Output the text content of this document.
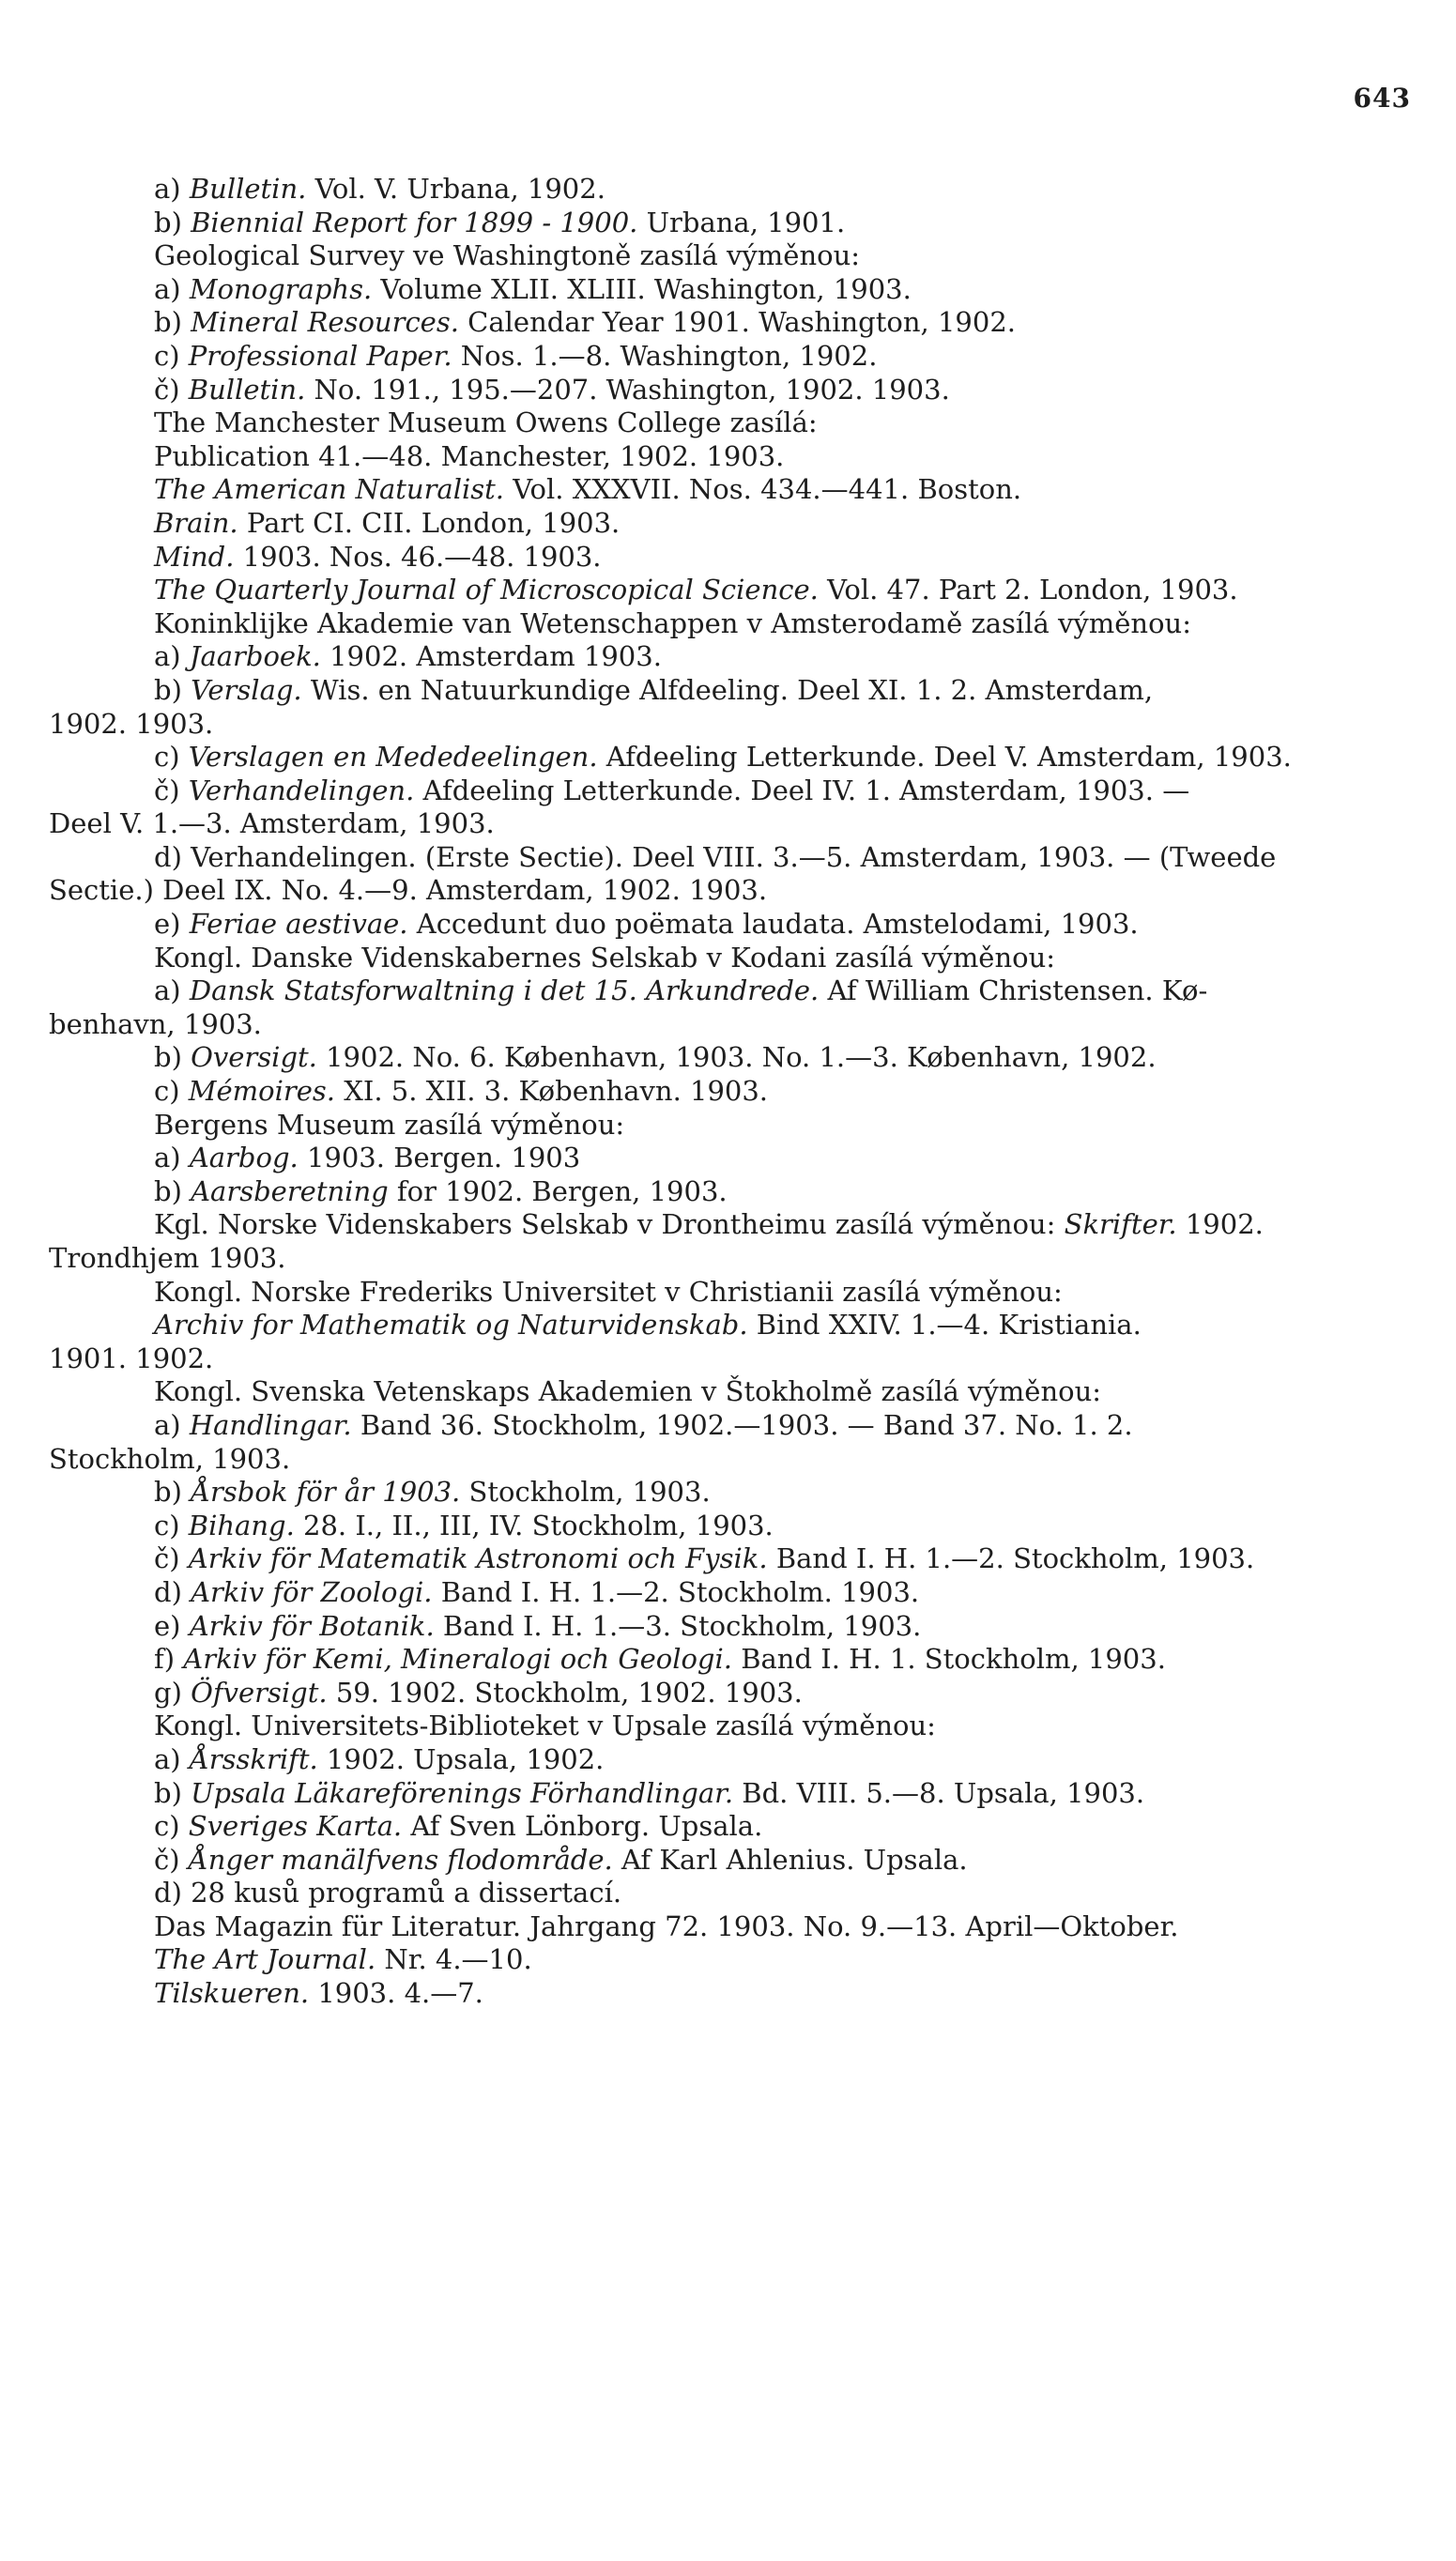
643
a) Bulletin. Vol. V. Urbana, 1902.
b) Biennial Report for 1899 - 1900. Urbana, 1901.
Geological Survey ve Washingtoně zasílá výměnou:
a) Monographs. Volume XLII. XLIII. Washington, 1903.
b) Mineral Resources. Calendar Year 1901. Washington, 1902.
c) Professional Paper. Nos. 1.—8. Washington, 1902.
č) Bulletin. No. 191., 195.—207. Washington, 1902. 1903.
The Manchester Museum Owens College zasílá:
Publication 41.—48. Manchester, 1902. 1903.
The American Naturalist. Vol. XXXVII. Nos. 434.—441. Boston.
Brain. Part CI. CII. London, 1903.
Mind. 1903. Nos. 46.—48. 1903.
The Quarterly Journal of Microscopical Science. Vol. 47. Part 2. London, 1903.
Koninklijke Akademie van Wetenschappen v Amsterodamě zasílá výměnou:
a) Jaarboek. 1902. Amsterdam 1903.
b) Verslag. Wis. en Natuurkundige Alfdeeling. Deel XI. 1. 2. Amsterdam,
1902. 1903.
c) Verslagen en Mededeelingen. Afdeeling Letterkunde. Deel V. Amsterdam, 1903.
č) Verhandelingen. Afdeeling Letterkunde. Deel IV. 1. Amsterdam, 1903. —
Deel V. 1.—3. Amsterdam, 1903.
d) Verhandelingen. (Erste Sectie). Deel VIII. 3.—5. Amsterdam, 1903. — (Tweede
Sectie.) Deel IX. No. 4.—9. Amsterdam, 1902. 1903.
e) Feriae aestivae. Accedunt duo poëmata laudata. Amstelodami, 1903.
Kongl. Danske Videnskabernes Selskab v Kodani zasílá výměnou:
a) Dansk Statsforwaltning i det 15. Arkundrede. Af William Christensen. Kø-
benhavn, 1903.
b) Oversigt. 1902. No. 6. København, 1903. No. 1.—3. København, 1902.
c) Mémoires. XI. 5. XII. 3. København. 1903.
Bergens Museum zasílá výměnou:
a) Aarbog. 1903. Bergen. 1903
b) Aarsberetning for 1902. Bergen, 1903.
Kgl. Norske Videnskabers Selskab v Drontheimu zasílá výměnou: Skrifter. 1902.
Trondhjem 1903.
Kongl. Norske Frederiks Universitet v Christianii zasílá výměnou:
Archiv for Mathematik og Naturvidenskab. Bind XXIV. 1.—4. Kristiania.
1901. 1902.
Kongl. Svenska Vetenskaps Akademien v Štokholmě zasílá výměnou:
a) Handlingar. Band 36. Stockholm, 1902.—1903. — Band 37. No. 1. 2.
Stockholm, 1903.
b) Årsbok för år 1903. Stockholm, 1903.
c) Bihang. 28. I., II., III, IV. Stockholm, 1903.
č) Arkiv för Matematik Astronomi och Fysik. Band I. H. 1.—2. Stockholm, 1903.
d) Arkiv för Zoologi. Band I. H. 1.—2. Stockholm. 1903.
e) Arkiv för Botanik. Band I. H. 1.—3. Stockholm, 1903.
f) Arkiv för Kemi, Mineralogi och Geologi. Band I. H. 1. Stockholm, 1903.
g) Öfversigt. 59. 1902. Stockholm, 1902. 1903.
Kongl. Universitets-Biblioteket v Upsale zasílá výměnou:
a) Årsskrift. 1902. Upsala, 1902.
b) Upsala Läkareförenings Förhandlingar. Bd. VIII. 5.—8. Upsala, 1903.
c) Sveriges Karta. Af Sven Lönborg. Upsala.
č) Ånger manälfvens flodområde. Af Karl Ahlenius. Upsala.
d) 28 kusů programů a dissertací.
Das Magazin für Literatur. Jahrgang 72. 1903. No. 9.—13. April—Oktober.
The Art Journal. Nr. 4.—10.
Tilskueren. 1903. 4.—7.
